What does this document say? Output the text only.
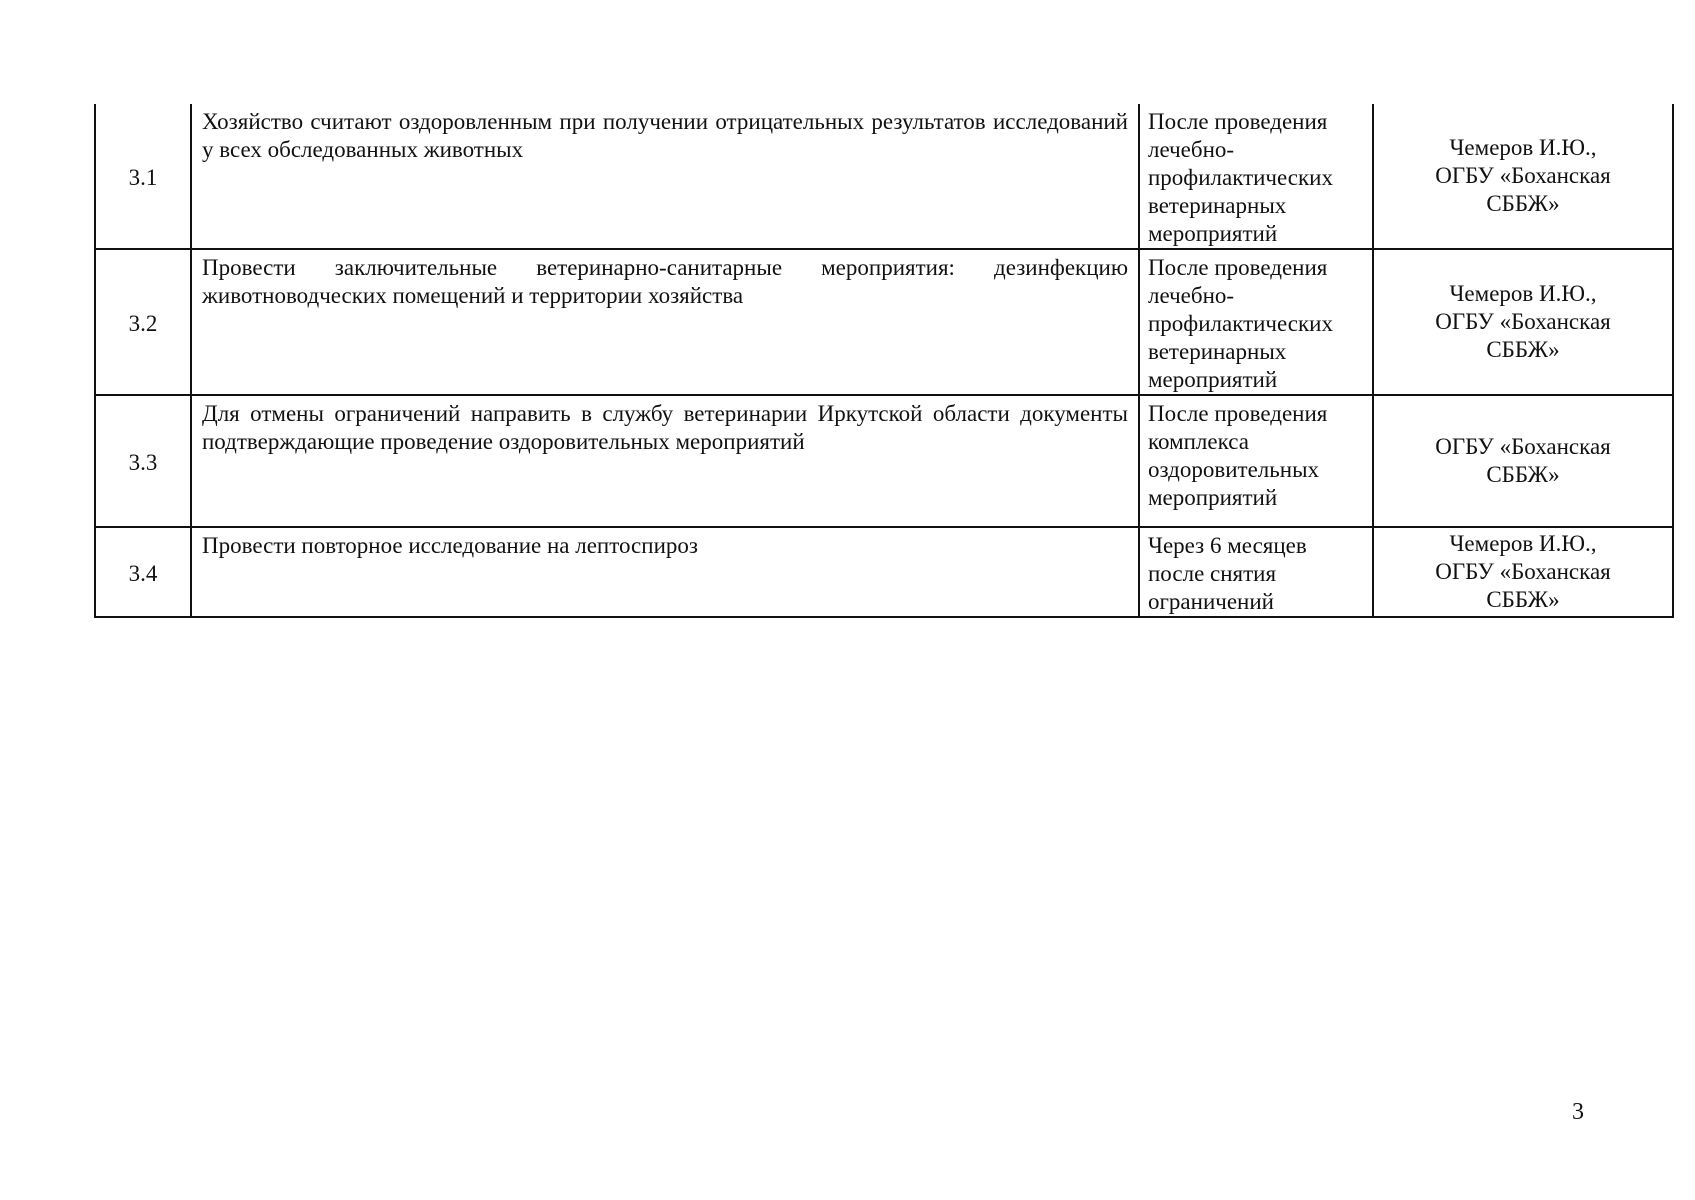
3.1	Хозяйство считают оздоровленным при получении отрицательных результатов исследований у всех обследованных животных	После проведения
лечебно-
профилактических
ветеринарных
мероприятий	Чемеров И.Ю.,
ОГБУ «Боханская
СББЖ»

3.2	Провести заключительные ветеринарно-санитарные мероприятия: дезинфекцию животноводческих помещений и территории хозяйства	После проведения
лечебно-
профилактических
ветеринарных
мероприятий	Чемеров И.Ю.,
ОГБУ «Боханская
СББЖ»

3.3	Для отмены ограничений направить в службу ветеринарии Иркутской области документы подтверждающие проведение оздоровительных мероприятий	После проведения
комплекса
оздоровительных
мероприятий	ОГБУ «Боханская
СББЖ»

3.4	Провести повторное исследование на лептоспироз	Через 6 месяцев
после снятия
ограничений	Чемеров И.Ю.,
ОГБУ «Боханская
СББЖ»
3
